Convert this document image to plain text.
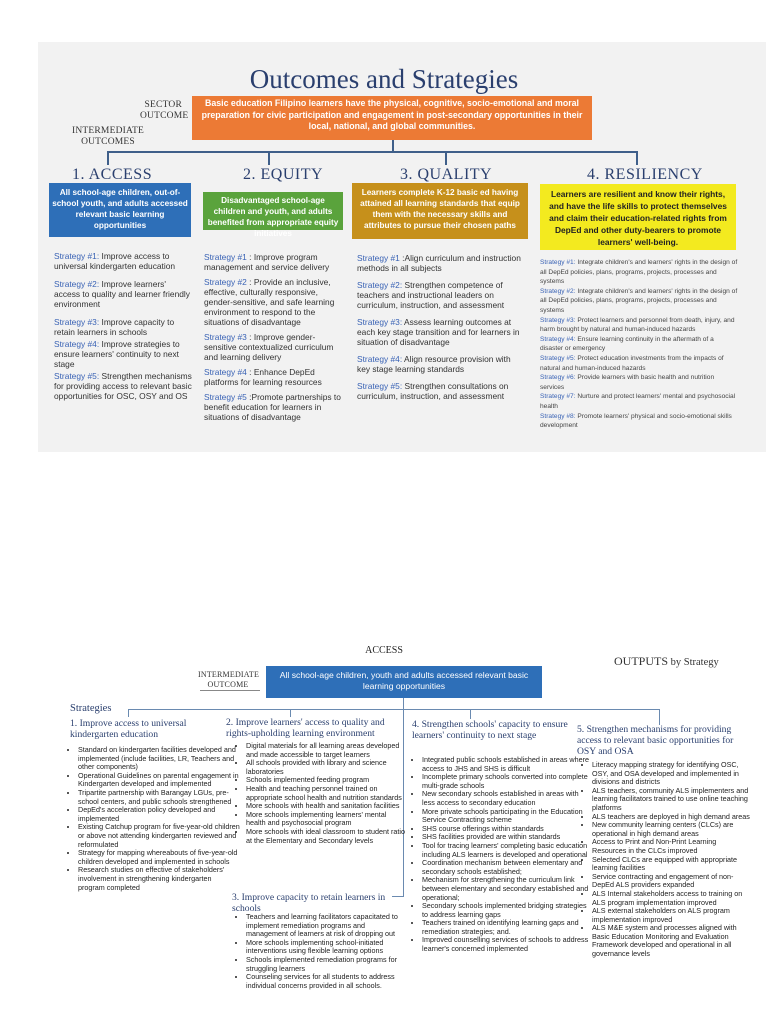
Outcomes and Strategies
SECTOR
OUTCOME
INTERMEDIATE
OUTCOMES
Basic education Filipino learners have the physical, cognitive, socio-emotional and moral preparation for civic participation and engagement in post-secondary opportunities in their local, national, and global communities.
1. ACCESS
All school-age children, out-of-school youth, and adults accessed relevant basic learning opportunities
Strategy #1: Improve access to universal kindergarten education
Strategy #2: Improve learners' access to quality and learner friendly environment
Strategy #3: Improve capacity to retain learners in schools
Strategy #4: Improve strategies to ensure learners' continuity to next stage
Strategy #5: Strengthen mechanisms for providing access to relevant basic opportunities for OSC, OSY and OS
2. EQUITY
Disadvantaged school-age children and youth, and adults benefited from appropriate equity initiatives
Strategy #1 : Improve program management and service delivery
Strategy #2 : Provide an inclusive, effective, culturally responsive, gender-sensitive, and safe learning environment to respond to the situations of disadvantage
Strategy #3 : Improve gender-sensitive contextualized curriculum and learning delivery
Strategy #4 : Enhance DepEd platforms for learning resources
Strategy #5 :Promote partnerships to benefit education for learners in situations of disadvantage
3. QUALITY
Learners complete K-12 basic ed having attained all learning standards that equip them with the necessary skills and attributes to pursue their chosen paths
Strategy #1 :Align curriculum and instruction methods in all subjects
Strategy #2: Strengthen competence of teachers and instructional leaders on curriculum, instruction, and assessment
Strategy #3: Assess learning outcomes at each key stage transition and for learners in situation of disadvantage
Strategy #4: Align resource provision with key stage learning standards
Strategy #5: Strengthen consultations on curriculum, instruction, and assessment
4. RESILIENCY
Learners are resilient and know their rights, and have the life skills to protect themselves and claim their education-related rights from DepEd and other duty-bearers to promote learners' well-being.
Strategy #1: Integrate children's and learners' rights in the design of all DepEd policies, plans, programs, projects, processes and systems
Strategy #2: Integrate children's and learners' rights in the design of all DepEd policies, plans, programs, projects, processes and systems
Strategy #3: Protect learners and personnel from death, injury, and harm brought by natural and human-induced hazards
Strategy #4: Ensure learning continuity in the aftermath of a disaster or emergency
Strategy #5: Protect education investments from the impacts of natural and human-induced hazards
Strategy #6: Provide learners with basic health and nutrition services
Strategy #7: Nurture and protect learners' mental and psychosocial health
Strategy #8: Promote learners' physical and socio-emotional skills development
ACCESS
OUTPUTS by Strategy
INTERMEDIATE
OUTCOME
All school-age children, youth and adults accessed relevant basic learning opportunities
Strategies
1. Improve access to universal kindergarten education
• Standard on kindergarten facilities developed and implemented (include facilities, LR, Teachers and other components)
• Operational Guidelines on parental engagement in Kindergarten developed and implemented
• Tripartite partnership with Barangay LGUs, pre-school centers, and public schools strengthened
• DepEd's acceleration policy developed and implemented
• Existing Catchup program for five-year-old children or above not attending kindergarten reviewed and reformulated
• Strategy for mapping whereabouts of five-year-old children developed and implemented in schools
• Research studies on effective of stakeholders' involvement in strengthening kindergarten program completed
2. Improve learners' access to quality and rights-upholding learning environment
• Digital materials for all learning areas developed and made accessible to target learners
• All schools provided with library and science laboratories
• Schools implemented feeding program
• Health and teaching personnel trained on appropriate school health and nutrition standards
• More schools with health and sanitation facilities
• More schools implementing learners' mental health and psychosocial program
• More schools with ideal classroom to student ratio at the Elementary and Secondary levels
3. Improve capacity to retain learners in schools
• Teachers and learning facilitators capacitated to implement remediation programs and management of learners at risk of dropping out
• More schools implementing school-initiated interventions using flexible learning options
• Schools implemented remediation programs for struggling learners
• Counseling services for all students to address individual concerns provided in all schools.
4. Strengthen schools' capacity to ensure learners' continuity to next stage
• Integrated public schools established in areas where access to JHS and SHS is difficult
• Incomplete primary schools converted into complete multi-grade schools
• New secondary schools established in areas with less access to secondary education
• More private schools participating in the Education Service Contracting scheme
• SHS course offerings within standards
• SHS facilities provided are within standards
• Tool for tracing learners' completing basic education including ALS learners is developed and operational
• Coordination mechanism between elementary and secondary schools established;
• Mechanism for strengthening the curriculum link between elementary and secondary established and operational;
• Secondary schools implemented bridging strategies to address learning gaps
• Teachers trained on identifying learning gaps and remediation strategies; and.
• Improved counselling services of schools to address learner's concerned implemented
5. Strengthen mechanisms for providing access to relevant basic opportunities for OSY and OSA
• Literacy mapping strategy for identifying OSC, OSY, and OSA developed and implemented in divisions and districts
• ALS teachers, community ALS implementers and learning facilitators trained to use online teaching platforms
• ALS teachers are deployed in high demand areas
• New community learning centers (CLCs) are operational in high demand areas
• Access to Print and Non-Print Learning Resources in the CLCs improved
• Selected CLCs are equipped with appropriate learning facilities
• Service contracting and engagement of non-DepEd ALS providers expanded
• ALS Internal stakeholders access to training on ALS program implementation improved
• ALS external stakeholders on ALS program implementation improved
• ALS M&E system and processes aligned with Basic Education Monitoring and Evaluation Framework developed and operational in all governance levels
